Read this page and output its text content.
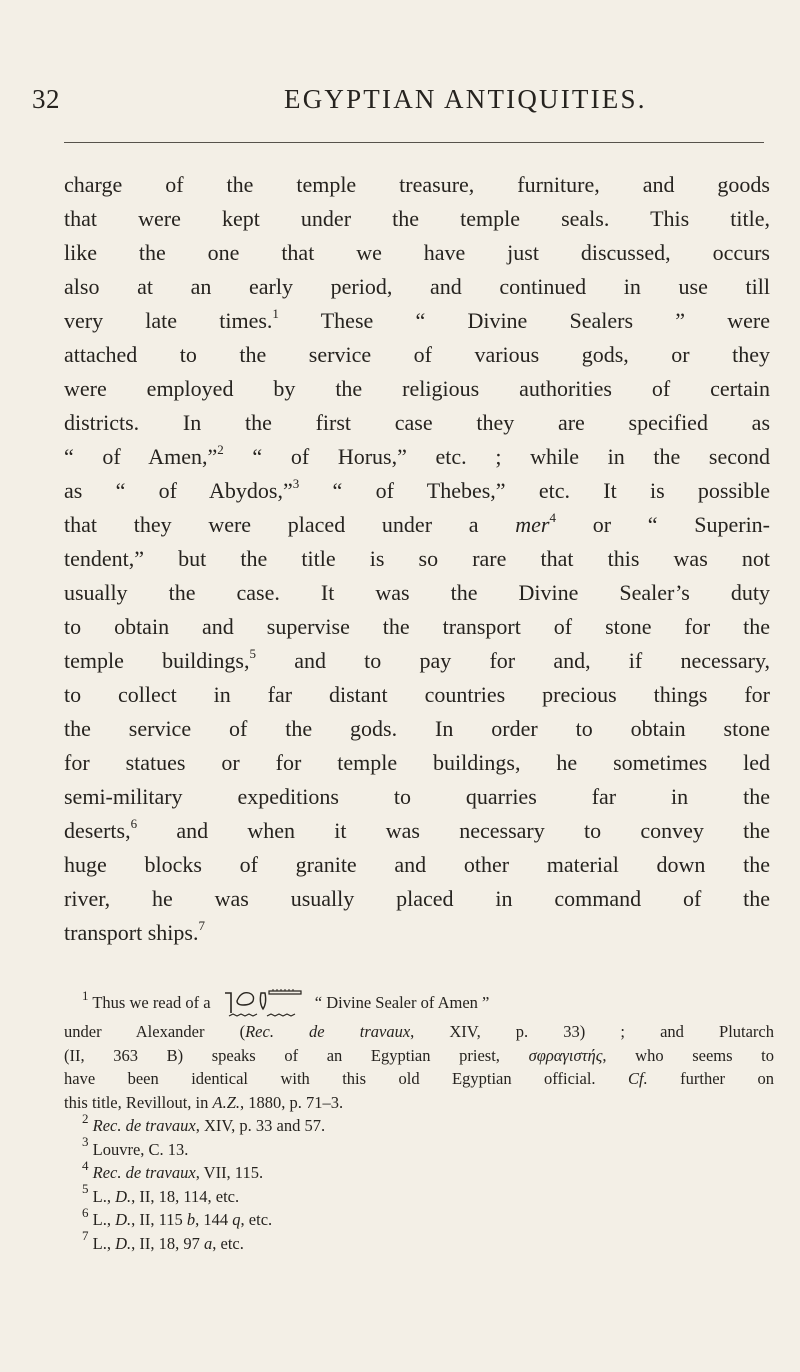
32	EGYPTIAN ANTIQUITIES.
charge of the temple treasure, furniture, and goods
that were kept under the temple seals. This title,
like the one that we have just discussed, occurs
also at an early period, and continued in use till
very late times.$^1$ These “ Divine Sealers ” were
attached to the service of various gods, or they
were employed by the religious authorities of certain
districts. In the first case they are specified as
“ of Amen,”$^2$ “ of Horus,” etc. ; while in the second
as “ of Abydos,”$^3$ “ of Thebes,” etc. It is possible
that they were placed under a mer$^4$ or “ Superin-
tendent,” but the title is so rare that this was not
usually the case. It was the Divine Sealer’s duty
to obtain and supervise the transport of stone for the
temple buildings,$^5$ and to pay for and, if necessary,
to collect in far distant countries precious things for
the service of the gods. In order to obtain stone
for statues or for temple buildings, he sometimes led
semi-military expeditions to quarries far in the
deserts,$^6$ and when it was necessary to convey the
huge blocks of granite and other material down the
river, he was usually placed in command of the
transport ships.$^7$
$^1$ Thus we read of a	“ Divine Sealer of Amen ”
under Alexander (Rec. de travaux, XIV, p. 33) ; and Plutarch
(II, 363 B) speaks of an Egyptian priest, σφραγιστής, who seems to
have been identical with this old Egyptian official. Cf. further on
this title, Revillout, in A.Z., 1880, p. 71–3.
$^2$ Rec. de travaux, XIV, p. 33 and 57.
$^3$ Louvre, C. 13.
$^4$ Rec. de travaux, VII, 115.
$^5$ L., D., II, 18, 114, etc.
$^6$ L., D., II, 115 b, 144 q, etc.
$^7$ L., D., II, 18, 97 a, etc.
